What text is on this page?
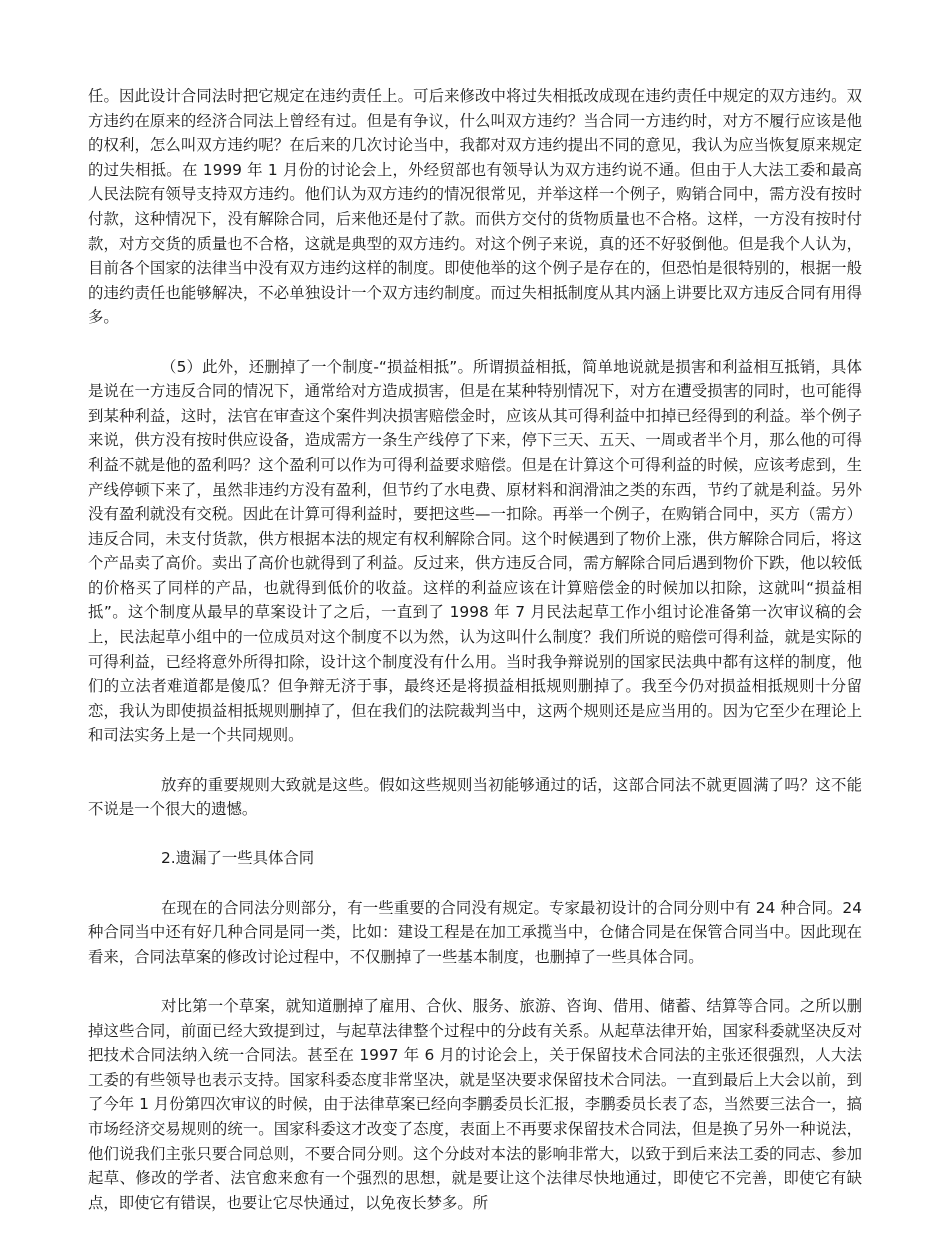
任。因此设计合同法时把它规定在违约责任上。可后来修改中将过失相抵改成现在违约责任中规定的双方违约。双方违约在原来的经济合同法上曾经有过。但是有争议，什么叫双方违约？当合同一方违约时，对方不履行应该是他的权利，怎么叫双方违约呢？在后来的几次讨论当中，我都对双方违约提出不同的意见，我认为应当恢复原来规定的过失相抵。在 1999 年 1 月份的讨论会上，外经贸部也有领导认为双方违约说不通。但由于人大法工委和最高人民法院有领导支持双方违约。他们认为双方违约的情况很常见，并举这样一个例子，购销合同中，需方没有按时付款，这种情况下，没有解除合同，后来他还是付了款。而供方交付的货物质量也不合格。这样，一方没有按时付款，对方交货的质量也不合格，这就是典型的双方违约。对这个例子来说，真的还不好驳倒他。但是我个人认为，目前各个国家的法律当中没有双方违约这样的制度。即使他举的这个例子是存在的，但恐怕是很特别的，根据一般的违约责任也能够解决，不必单独设计一个双方违约制度。而过失相抵制度从其内涵上讲要比双方违反合同有用得多。

（5）此外，还删掉了一个制度-“损益相抵”。所谓损益相抵，简单地说就是损害和利益相互抵销，具体是说在一方违反合同的情况下，通常给对方造成损害，但是在某种特别情况下，对方在遭受损害的同时，也可能得到某种利益，这时，法官在审查这个案件判决损害赔偿金时，应该从其可得利益中扣掉已经得到的利益。举个例子来说，供方没有按时供应设备，造成需方一条生产线停了下来，停下三天、五天、一周或者半个月，那么他的可得利益不就是他的盈利吗？这个盈利可以作为可得利益要求赔偿。但是在计算这个可得利益的时候，应该考虑到，生产线停顿下来了，虽然非违约方没有盈利，但节约了水电费、原材料和润滑油之类的东西，节约了就是利益。另外没有盈利就没有交税。因此在计算可得利益时，要把这些—一扣除。再举一个例子，在购销合同中，买方（需方）违反合同，未支付货款，供方根据本法的规定有权利解除合同。这个时候遇到了物价上涨，供方解除合同后，将这个产品卖了高价。卖出了高价也就得到了利益。反过来，供方违反合同，需方解除合同后遇到物价下跌，他以较低的价格买了同样的产品，也就得到低价的收益。这样的利益应该在计算赔偿金的时候加以扣除，这就叫“损益相抵”。这个制度从最早的草案设计了之后，一直到了 1998 年 7 月民法起草工作小组讨论准备第一次审议稿的会上，民法起草小组中的一位成员对这个制度不以为然，认为这叫什么制度？我们所说的赔偿可得利益，就是实际的可得利益，已经将意外所得扣除，设计这个制度没有什么用。当时我争辩说别的国家民法典中都有这样的制度，他们的立法者难道都是傻瓜？但争辩无济于事，最终还是将损益相抵规则删掉了。我至今仍对损益相抵规则十分留恋，我认为即使损益相抵规则删掉了，但在我们的法院裁判当中，这两个规则还是应当用的。因为它至少在理论上和司法实务上是一个共同规则。

放弃的重要规则大致就是这些。假如这些规则当初能够通过的话，这部合同法不就更圆满了吗？这不能不说是一个很大的遗憾。

2.遗漏了一些具体合同

在现在的合同法分则部分，有一些重要的合同没有规定。专家最初设计的合同分则中有 24 种合同。24 种合同当中还有好几种合同是同一类，比如：建设工程是在加工承揽当中，仓储合同是在保管合同当中。因此现在看来，合同法草案的修改讨论过程中，不仅删掉了一些基本制度，也删掉了一些具体合同。

对比第一个草案，就知道删掉了雇用、合伙、服务、旅游、咨询、借用、储蓄、结算等合同。之所以删掉这些合同，前面已经大致提到过，与起草法律整个过程中的分歧有关系。从起草法律开始，国家科委就坚决反对把技术合同法纳入统一合同法。甚至在 1997 年 6 月的讨论会上，关于保留技术合同法的主张还很强烈，人大法工委的有些领导也表示支持。国家科委态度非常坚决，就是坚决要求保留技术合同法。一直到最后上大会以前，到了今年 1 月份第四次审议的时候，由于法律草案已经向李鹏委员长汇报，李鹏委员长表了态，当然要三法合一，搞市场经济交易规则的统一。国家科委这才改变了态度，表面上不再要求保留技术合同法，但是换了另外一种说法，他们说我们主张只要合同总则，不要合同分则。这个分歧对本法的影响非常大，以致于到后来法工委的同志、参加起草、修改的学者、法官愈来愈有一个强烈的思想，就是要让这个法律尽快地通过，即使它不完善，即使它有缺点，即使它有错误，也要让它尽快通过，以免夜长梦多。所
